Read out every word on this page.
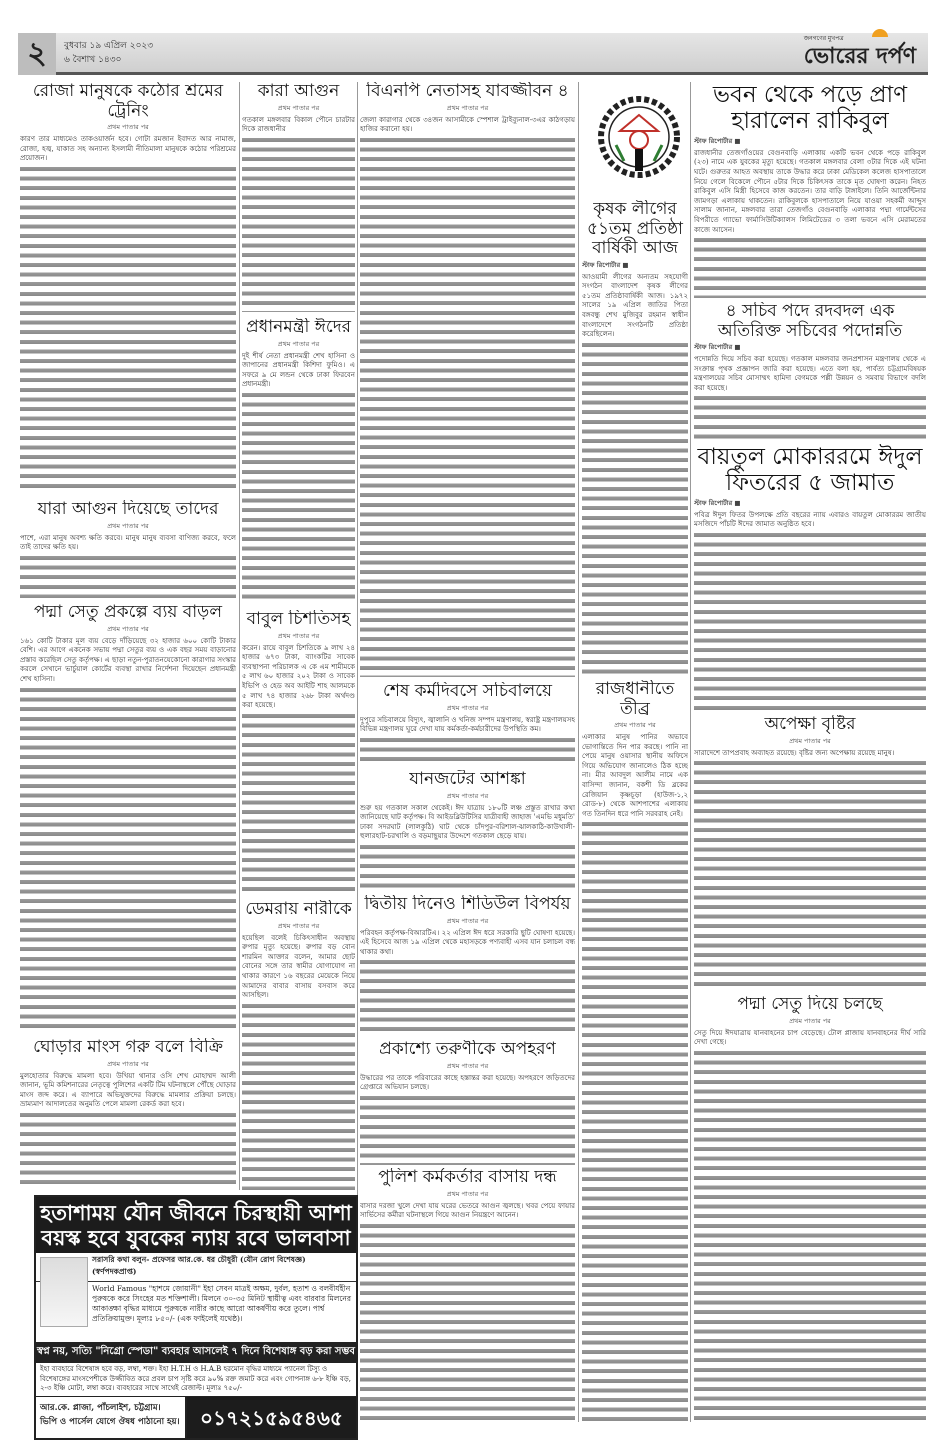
২	বুধবার ১৯ এপ্রিল ২০২৩
৬ বৈশাখ ১৪৩০
জনগণের মুখপত্র
ভোরের দর্পণ
রোজা মানুষকে কঠোর শ্রমের ট্রেনিং
প্রথম পাতার পর

কারণ তার মাধ্যমেও তাকওয়ার্জন হবে। গোটা রমজান ইবাদত আর নামাজ, রোজা, হজ্ব, যাকাত সহ অন্যান্য ইসলামী নীতিমালা মানুষকে কঠোর পরিশ্রমের প্রয়োজন।

যারা আগুন দিয়েছে তাদের
প্রথম পাতার পর

পাশে, এরা মানুষ অবশ্য ক্ষতি করবে। মানুষ মানুষ ব্যবসা বাণিজ্য করবে, ফলে তাই তাদের ক্ষতি হয়।

পদ্মা সেতু প্রকল্পে ব্যয় বাড়ল
প্রথম পাতার পর

১৬১ কোটি টাকার মূল ব্যয় বেড়ে দাঁড়িয়েছে ৩২ হাজার ৬০০ কোটি টাকার বেশি। এর আগে একনেক সভায় পদ্মা সেতুর ব্যয় ও এক বছর সময় বাড়ানোর প্রস্তাব করেছিল সেতু কর্তৃপক্ষ। এ ছাড়া নতুন-পুরাতনযেকোনো কারাগার সংস্কার করলে সেখানে ভার্চুয়াল কোর্টের ব্যবস্থা রাখার নির্দেশনা দিয়েছেন প্রধানমন্ত্রী শেখ হাসিনা।

ঘোড়ার মাংস গরু বলে বিক্রি
প্রথম পাতার পর

মুলহোতার বিরুদ্ধে মামলা হবে। উখিয়া থানার ওসি শেখ মোহাম্মদ আলী জানান, ভূমি কমিশনারের নেতৃত্বে পুলিশের একটি টিম ঘটনাস্থলে পৌঁছে ঘোড়ার মাংস জব্দ করে। এ ব্যাপারে অভিযুক্তদের বিরুদ্ধে মামলার প্রক্রিয়া চলছে। ভ্রাম্যমাণ আদালতের অনুমতি পেলে মামলা রেকর্ড করা হবে।

কারা আগুন
প্রথম পাতার পর

গতকাল মঙ্গলবার বিকাল পৌনে চারটার দিকে রাজধানীর

প্রধানমন্ত্রী ঈদের
প্রথম পাতার পর

দুই শীর্ষ নেতা প্রধানমন্ত্রী শেখ হাসিনা ও জাপানের প্রধানমন্ত্রী কিশিদা ফুমিও। এ সফরে ৯ মে লন্ডন থেকে ঢাকা ফিরবেন প্রধানমন্ত্রী।

বাবুল চিশতিসহ
প্রথম পাতার পর

করেন। রায়ে বাবুল চিশতিকে ৯ লাখ ২৪ হাজার ৬৭৩ টাকা, ব্যাংকটির সাবেক ব্যবস্থাপনা পরিচালক এ কে এম শামীমকে ৫ লাখ ৬০ হাজার ২০২ টাকা ও সাবেক ইভিপি ও হেড অব আইটি শাহ আলমকে ৫ লাখ ৭৪ হাজার ২৬৮ টাকা অর্থদণ্ড করা হয়েছে।

ডেমরায় নারীকে
প্রথম পাতার পর

হয়েছিল বলেই চিকিৎসাধীন অবস্থায় রুপার মৃত্যু হয়েছে। রুপার বড় বোন শারমিন আক্তার বলেন, আমার ছোট বোনের সঙ্গে তার স্বামীর যোগাযোগ না থাকার কারণে ১৬ বছরের মেয়েকে নিয়ে আমাদের বাবার বাসায় বসবাস করে আসছিল।

বিএনপি নেতাসহ যাবজ্জীবন ৪
প্রথম পাতার পর

জেলা কারাগার থেকে ৩৪জন আসামীকে স্পেশাল ট্রাইব্যুনাল-৩এর কাঠগড়ায় হাজির করানো হয়।

শেষ কর্মদিবসে সচিবালয়ে
প্রথম পাতার পর

দুপুরে সচিবালয়ে বিদ্যুৎ, জ্বালানি ও খনিজ সম্পদ মন্ত্রণালয়, স্বরাষ্ট্র মন্ত্রণালয়সহ বিভিন্ন মন্ত্রণালয় ঘুরে দেখা যায় কর্মকর্তা-কর্মচারীদের উপস্থিতি কম।

যানজটের আশঙ্কা
প্রথম পাতার পর

শুরু হয় গতকাল সকাল থেকেই। ঈদ যাত্রায় ১৮০টি লঞ্চ প্রস্তুত রাখার কথা জানিয়েছে ঘাট কর্তৃপক্ষ। বি আইডব্লিউটিসির যাত্রীবাহী জাহাজ 'এমভি মধুমতি' ঢাকা সদরঘাট (লালকুঠি) ঘাট থেকে চাঁদপুর-বরিশাল-ঝালকাঠি-কাউখালী-হুলারহাট-চরখালি ও বড়মাছুয়ার উদ্দেশে গতকাল ছেড়ে যায়।

দ্বিতীয় দিনেও শিডিউল বিপর্যয়
প্রথম পাতার পর

পরিবহন কর্তৃপক্ষ-বিআরটিএ। ২২ এপ্রিল ঈদ ধরে সরকারি ছুটি ঘোষণা হয়েছে। এই হিসেবে আজ ১৯ এপ্রিল থেকে মহাসড়কে পণ্যবাহী এসব যান চলাচল বন্ধ থাকার কথা।

প্রকাশ্যে তরুণীকে অপহরণ
প্রথম পাতার পর

উদ্ধারের পর তাকে পরিবারের কাছে হস্তান্তর করা হয়েছে। অপহরণে জড়িতদের গ্রেপ্তারে অভিযান চলছে।

পুলিশ কর্মকর্তার বাসায় দন্ধ
প্রথম পাতার পর

বাসার দরজা খুলে দেখা যায় ঘরের ভেতরে আগুন জ্বলছে। খবর পেয়ে ফায়ার সার্ভিসের কর্মীরা ঘটনাস্থলে গিয়ে আগুন নিয়ন্ত্রণে আনেন।

কৃষক লীগের ৫১তম প্রতিষ্ঠা বার্ষিকী আজ
স্টাফ রিপোর্টার ■

আওয়ামী লীগের অন্যতম সহযোগী সংগঠন বাংলাদেশ কৃষক লীগের ৫১তম প্রতিষ্ঠাবার্ষিকী আজ। ১৯৭২ সালের ১৯ এপ্রিল জাতির পিতা বঙ্গবন্ধু শেখ মুজিবুর রহমান স্বাধীন বাংলাদেশে সংগঠনটি প্রতিষ্ঠা করেছিলেন।

রাজধানীতে তীব্র
প্রথম পাতার পর

এলাকার মানুষ পানির অভাবে ভোগান্তিতে দিন পার করছে। পানি না পেয়ে মানুষ ওয়াসার স্থানীয় অফিসে গিয়ে অভিযোগ জানালেও ঠিক হচ্ছে না। মীর আবদুল আলীম নামে এক বাসিন্দা জানান, বকশী ডি ব্লকের রেজিয়ান কৃষ্ণচূড়া (হাউজ-১,২ রোড-৮) থেকে আশপাশের এলাকায় গত তিনদিন ধরে পানি সরবরাহ নেই।

ভবন থেকে পড়ে প্রাণ হারালেন রাকিবুল
স্টাফ রিপোর্টার ■

রাজধানীর তেজগাঁওয়ের বেগুনবাড়ি এলাকায় একটি ভবন থেকে পড়ে রাকিবুল (২৩) নামে এক যুবকের মৃত্যু হয়েছে। গতকাল মঙ্গলবার বেলা ৩টার দিকে এই ঘটনা ঘটে। গুরুতর আহত অবস্থায় তাকে উদ্ধার করে ঢাকা মেডিকেল কলেজ হাসপাতালে নিয়ে গেলে বিকেলে পৌনে ৫টার দিকে চিকিৎসক তাকে মৃত ঘোষণা করেন। নিহত রাকিবুল এসি মিস্ত্রী হিসেবে কাজ করতেন। তার বাড়ি টাঙ্গাইলে। তিনি আর্জেন্টিনার জামগড়া এলাকায় থাকতেন। রাকিবুলকে হাসপাতালে নিয়ে যাওয়া সহকর্মী আব্দুস সালাম জানান, মঙ্গলবার তারা তেজগাঁও বেগুনবাড়ি এলাকার পদ্মা গার্মেন্টসের বিপরীতে গ্যাভো ফার্মাসিউটিক্যালস লিমিটেডের ৩ তলা ভবনে এসি মেরামতের কাজে আসেন।

৪ সচিব পদে রদবদল এক অতিরিক্ত সচিবের পদোন্নতি
স্টাফ রিপোর্টার ■

পদোন্নতি দিয়ে সচিব করা হয়েছে। গতকাল মঙ্গলবার জনপ্রশাসন মন্ত্রণালয় থেকে এ সংক্রান্ত পৃথক প্রজ্ঞাপন জারি করা হয়েছে। এতে বলা হয়, পার্বত্য চট্টগ্রামবিষয়ক মন্ত্রণালয়ের সচিব মোসাম্মৎ হামিদা বেগমকে পল্লী উন্নয়ন ও সমবায় বিভাগে বদলি করা হয়েছে।

বায়তুল মোকাররমে ঈদুল ফিতরের ৫ জামাত
স্টাফ রিপোর্টার ■

পবিত্র ঈদুল ফিতর উপলক্ষে প্রতি বছরের ন্যায় এবারও বায়তুল মোকাররম জাতীয় মসজিদে পাঁচটি ঈদের জামাত অনুষ্ঠিত হবে।

অপেক্ষা বৃষ্টির
প্রথম পাতার পর

সারাদেশে তাপপ্রবাহ অব্যাহত রয়েছে। বৃষ্টির জন্য অপেক্ষায় রয়েছে মানুষ।

পদ্মা সেতু দিয়ে চলছে
প্রথম পাতার পর

সেতু দিয়ে ঈদযাত্রায় যানবাহনের চাপ বেড়েছে। টোল প্লাজায় যানবাহনের দীর্ঘ সারি দেখা গেছে।

হতাশাময় যৌন জীবনে চিরস্থায়ী আশা
বয়স্ক হবে যুবকের ন্যায় রবে ভালবাসা
সরাসরি কথা বলুন- প্রফেসর আর.কে. ধর চৌধুরী (যৌন রোগ বিশেষজ্ঞ) (স্বর্ণপদকপ্রাপ্ত)
World Famous "হাশমে জোয়ানী" ইহা সেবন মাত্রই অক্ষম, দুর্বল, হতাশ ও বলবীর্যহীন পুরুষকে করে সিংহের মত শক্তিশালী। মিলনে ৩০-৩৫ মিনিট স্থায়ীত্ব এবং বারবার মিলনের আকাঙ্ক্ষা বৃদ্ধির মাধ্যমে পুরুষকে নারীর কাছে আরো আকর্ষণীয় করে তুলে। পার্শ্ব প্রতিক্রিয়ামুক্ত। মূল্যঃ ৮৫০/- (এক ফাইলেই যথেষ্ঠ)।
স্বপ্ন নয়, সত্যি "নিগ্রো স্পেডা" ব্যবহার আসলেই ৭ দিনে বিশেষাঙ্গ বড় করা সম্ভব
ইহা ব্যবহারে বিশেষাঙ্গ হবে বড়, লম্বা, শক্ত। ইহা H.T.H ও H.A.B হরমোন বৃদ্ধির মাধ্যমে প্যানেল টিস্যু ও বিশেষাঙ্গের মাংসপেশীকে উজ্জীবিত করে প্রবল চাপ সৃষ্টি করে ৯০% রক্ত জমাট করে এবং গোপনাঙ্গ ৬-৮ ইঞ্চি বড়, ২-৩ ইঞ্চি মোটা, লম্বা করে। ব্যবহারের সাথে সাথেই রেজাল্ট। মূল্যঃ ৭৫০/-
আর.কে. প্লাজা, পাঁচলাইশ, চট্টগ্রাম।
ভিপি ও পার্সেল যোগে ঔষধ পাঠানো হয়।	০১৭২১৫৯৫৪৬৫
